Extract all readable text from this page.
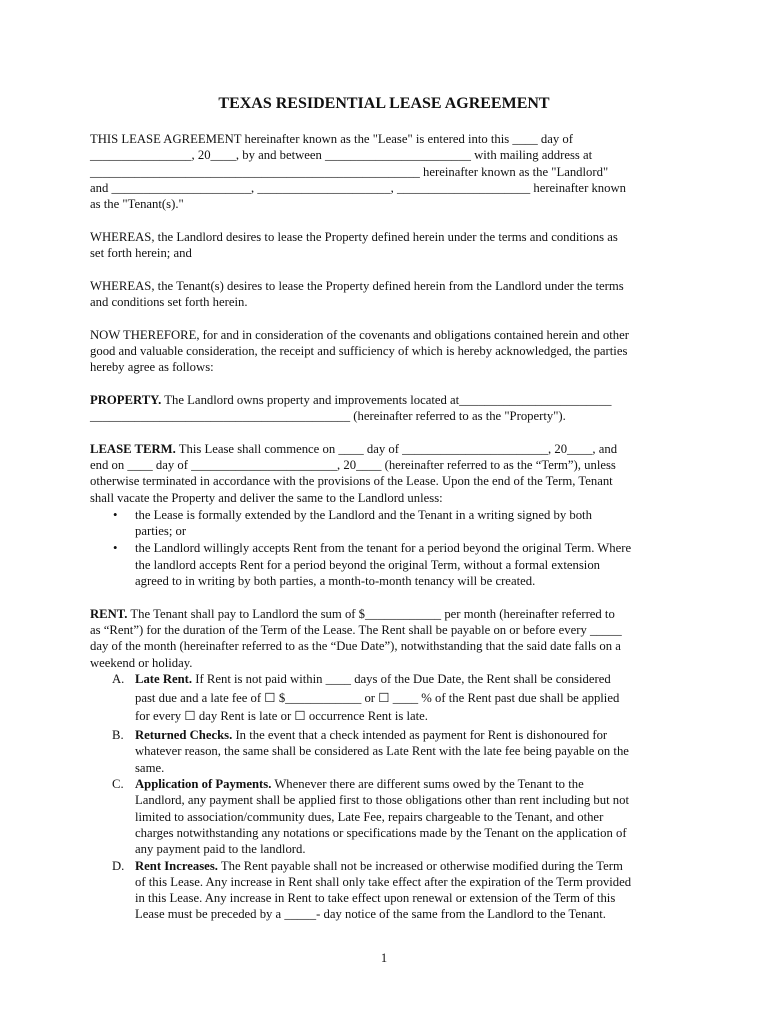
TEXAS RESIDENTIAL LEASE AGREEMENT

THIS LEASE AGREEMENT hereinafter known as the "Lease" is entered into this ____ day of
________________, 20____, by and between _______________________ with mailing address at
____________________________________________________ hereinafter known as the "Landlord"
and ______________________, _____________________, _____________________ hereinafter known
as the "Tenant(s)."

WHEREAS, the Landlord desires to lease the Property defined herein under the terms and conditions as
set forth herein; and

WHEREAS, the Tenant(s) desires to lease the Property defined herein from the Landlord under the terms
and conditions set forth herein.

NOW THEREFORE, for and in consideration of the covenants and obligations contained herein and other
good and valuable consideration, the receipt and sufficiency of which is hereby acknowledged, the parties
hereby agree as follows:

PROPERTY. The Landlord owns property and improvements located at________________________
_________________________________________ (hereinafter referred to as the "Property").

LEASE TERM. This Lease shall commence on ____ day of _______________________, 20____, and
end on ____ day of _______________________, 20____ (hereinafter referred to as the “Term”), unless
otherwise terminated in accordance with the provisions of the Lease. Upon the end of the Term, Tenant
shall vacate the Property and deliver the same to the Landlord unless:
• the Lease is formally extended by the Landlord and the Tenant in a writing signed by both
parties; or
• the Landlord willingly accepts Rent from the tenant for a period beyond the original Term. Where
the landlord accepts Rent for a period beyond the original Term, without a formal extension
agreed to in writing by both parties, a month-to-month tenancy will be created.
RENT. The Tenant shall pay to Landlord the sum of $____________ per month (hereinafter referred to
as “Rent”) for the duration of the Term of the Lease. The Rent shall be payable on or before every _____
day of the month (hereinafter referred to as the “Due Date”), notwithstanding that the said date falls on a
weekend or holiday.
A. Late Rent. If Rent is not paid within ____ days of the Due Date, the Rent shall be considered
past due and a late fee of ☐ $____________ or ☐ ____ % of the Rent past due shall be applied
for every ☐ day Rent is late or ☐ occurrence Rent is late.
B. Returned Checks. In the event that a check intended as payment for Rent is dishonoured for
whatever reason, the same shall be considered as Late Rent with the late fee being payable on the
same.
C. Application of Payments. Whenever there are different sums owed by the Tenant to the
Landlord, any payment shall be applied first to those obligations other than rent including but not
limited to association/community dues, Late Fee, repairs chargeable to the Tenant, and other
charges notwithstanding any notations or specifications made by the Tenant on the application of
any payment paid to the landlord.
D. Rent Increases. The Rent payable shall not be increased or otherwise modified during the Term
of this Lease. Any increase in Rent shall only take effect after the expiration of the Term provided
in this Lease. Any increase in Rent to take effect upon renewal or extension of the Term of this
Lease must be preceded by a _____- day notice of the same from the Landlord to the Tenant.
1
